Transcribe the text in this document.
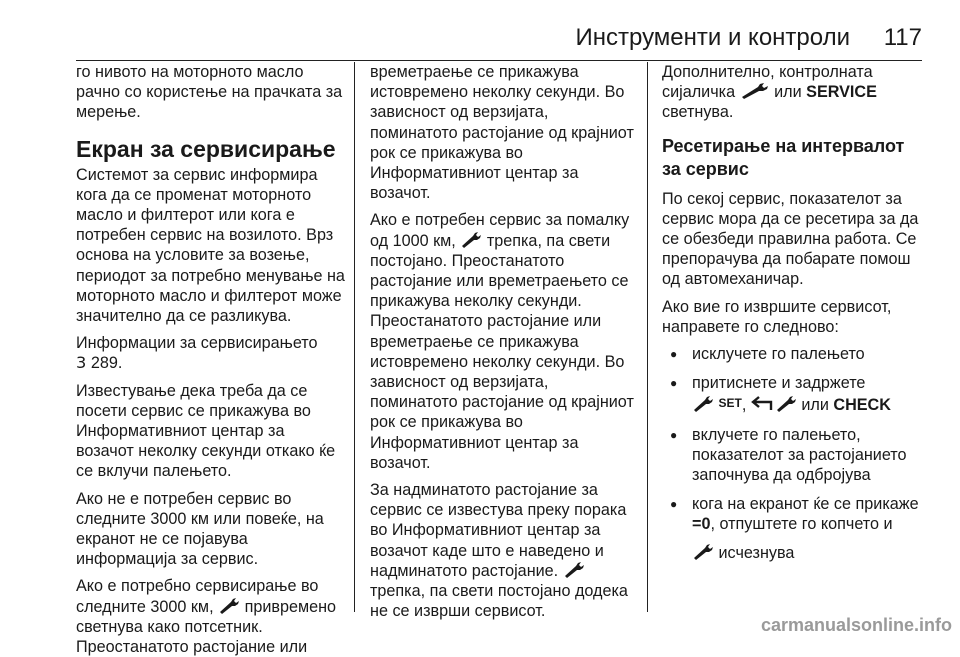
Инструменти и контроли 117

го нивото на моторното масло рачно со користење на прачката за мерење.

Екран за сервисирање

Системот за сервис информира кога да се променат моторното масло и филтерот или кога е потребен сервис на возилото. Врз основа на условите за возење, периодот за потребно менување на моторното масло и филтерот може значително да се разликува.

Информации за сервисирањето
3 289.

Известување дека треба да се посети сервис се прикажува во Информативниот центар за возачот неколку секунди откако ќе се вклучи палењето.

Ако не е потребен сервис во следните 3000 км или повеќе, на екранот не се појавува информација за сервис.

Ако е потребно сервисирање во следните 3000 км, привремено светнува како потсетник. Преостанатото растојание или

времетраење се прикажува истовремено неколку секунди. Во зависност од верзијата, поминатото растојание од крајниот рок се прикажува во Информативниот центар за возачот.

Ако е потребен сервис за помалку од 1000 км, трепка, па свети постојано. Преостанатото растојание или времетраењето се прикажува неколку секунди. Преостанатото растојание или времетраење се прикажува истовремено неколку секунди. Во зависност од верзијата, поминатото растојание од крајниот рок се прикажува во Информативниот центар за возачот.

За надминатото растојание за сервис се известува преку порака во Информативниот центар за возачот каде што е наведено и надминатото растојание.  трепка, па свети постојано додека не се изврши сервисот.

Дополнително, контролната сијаличка или SERVICE светнува.

Ресетирање на интервалот за сервис

По секој сервис, показателот за сервис мора да се ресетира за да се обезбеди правилна работа. Се препорачува да побарате помош од автомеханичар.

Ако вие го извршите сервисот, направете го следново:

● исклучете го палењето
● притиснете и задржете
SET,	или CHECK
● вклучете го палењето, показателот за растојанието започнува да одбројува
● кога на екранот ќе се прикаже =0, отпуштете го копчето и
исчезнува
carmanualsonline.info
